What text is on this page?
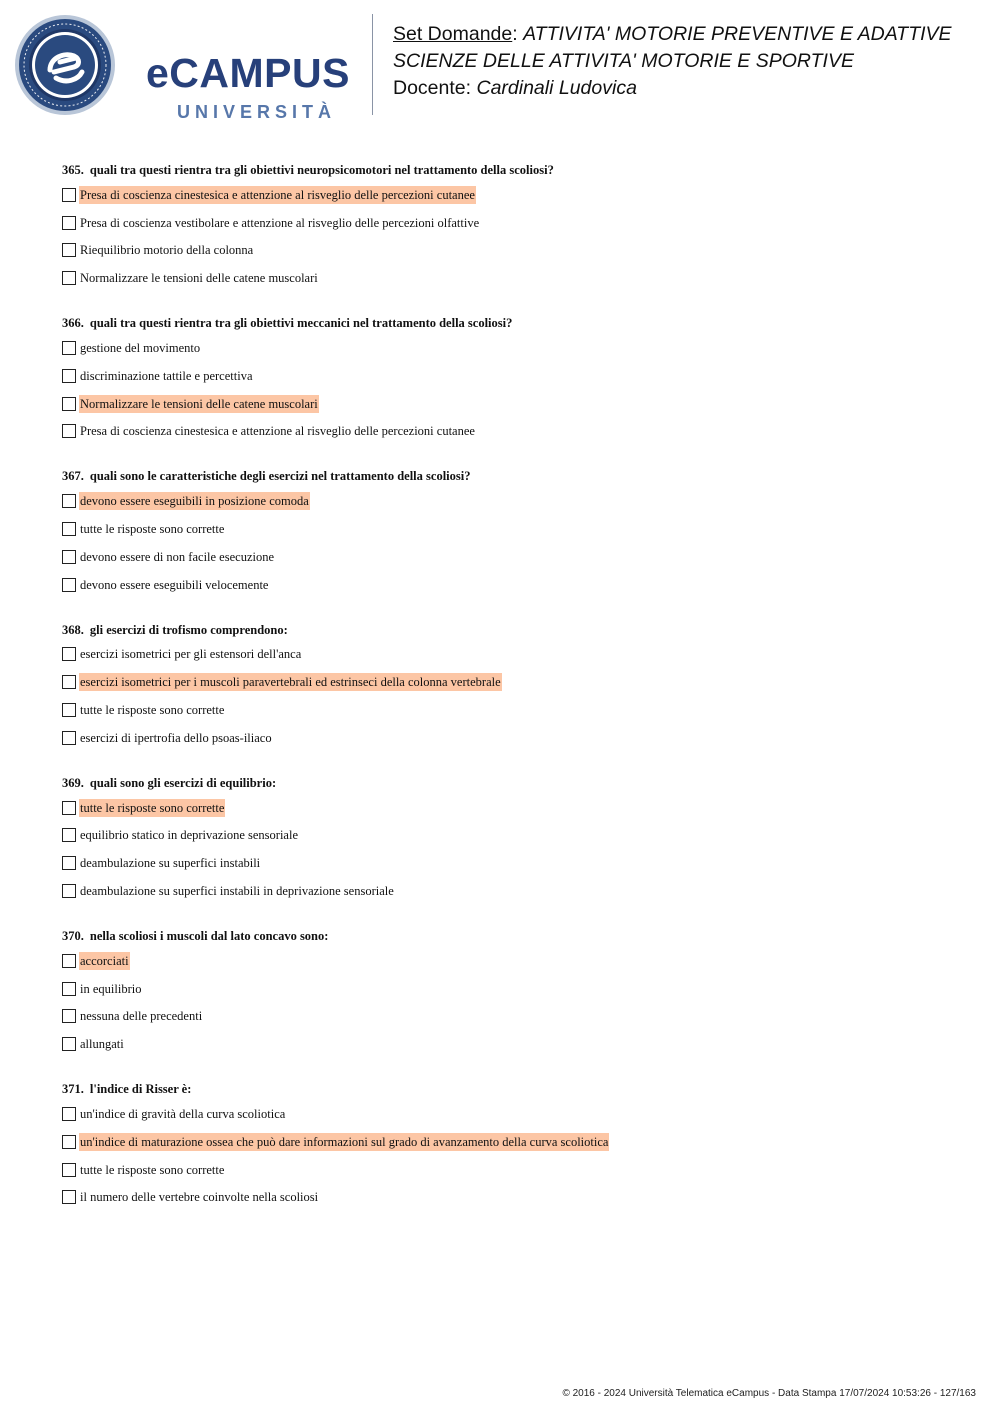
eCAMPUS
UNIVERSITÀ
Set Domande: ATTIVITA' MOTORIE PREVENTIVE E ADATTIVE
SCIENZE DELLE ATTIVITA' MOTORIE E SPORTIVE
Docente: Cardinali Ludovica
365. quali tra questi rientra tra gli obiettivi neuropsicomotori nel trattamento della scoliosi?
Presa di coscienza cinestesica e attenzione al risveglio delle percezioni cutanee
Presa di coscienza vestibolare e attenzione al risveglio delle percezioni olfattive
Riequilibrio motorio della colonna
Normalizzare le tensioni delle catene muscolari
366. quali tra questi rientra tra gli obiettivi meccanici nel trattamento della scoliosi?
gestione del movimento
discriminazione tattile e percettiva
Normalizzare le tensioni delle catene muscolari
Presa di coscienza cinestesica e attenzione al risveglio delle percezioni cutanee
367. quali sono le caratteristiche degli esercizi nel trattamento della scoliosi?
devono essere eseguibili in posizione comoda
tutte le risposte sono corrette
devono essere di non facile esecuzione
devono essere eseguibili velocemente
368. gli esercizi di trofismo comprendono:
esercizi isometrici per gli estensori dell'anca
esercizi isometrici per i muscoli paravertebrali ed estrinseci della colonna vertebrale
tutte le risposte sono corrette
esercizi di ipertrofia dello psoas-iliaco
369. quali sono gli esercizi di equilibrio:
tutte le risposte sono corrette
equilibrio statico in deprivazione sensoriale
deambulazione su superfici instabili
deambulazione su superfici instabili in deprivazione sensoriale
370. nella scoliosi i muscoli dal lato concavo sono:
accorciati
in equilibrio
nessuna delle precedenti
allungati
371. l'indice di Risser è:
un'indice di gravità della curva scoliotica
un'indice di maturazione ossea che può dare informazioni sul grado di avanzamento della curva scoliotica
tutte le risposte sono corrette
il numero delle vertebre coinvolte nella scoliosi
© 2016 - 2024 Università Telematica eCampus - Data Stampa 17/07/2024 10:53:26 - 127/163
